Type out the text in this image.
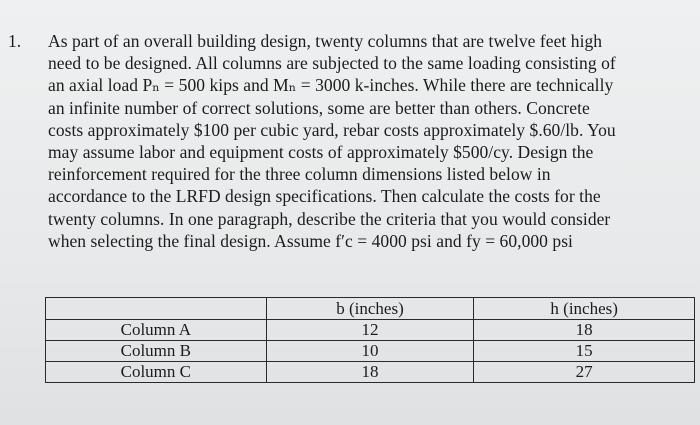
1. As part of an overall building design, twenty columns that are twelve feet high
need to be designed. All columns are subjected to the same loading consisting of
an axial load Pₙ = 500 kips and Mₙ = 3000 k-inches. While there are technically
an infinite number of correct solutions, some are better than others. Concrete
costs approximately $100 per cubic yard, rebar costs approximately $.60/lb. You
may assume labor and equipment costs of approximately $500/cy. Design the
reinforcement required for the three column dimensions listed below in
accordance to the LRFD design specifications. Then calculate the costs for the
twenty columns. In one paragraph, describe the criteria that you would consider
when selecting the final design. Assume f′c = 4000 psi and fy = 60,000 psi
	b (inches)	h (inches)
Column A	12	18
Column B	10	15
Column C	18	27
